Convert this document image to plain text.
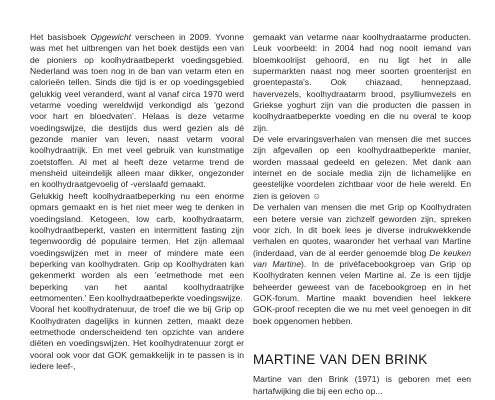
Het basisboek Opgewicht verscheen in 2009. Yvonne was met het uitbrengen van het boek destijds een van de pioniers op koolhydraatbeperkt voedingsgebied. Nederland was toen nog in de ban van vetarm eten en calorieën tellen. Sinds die tijd is er op voedingsgebied gelukkig veel veranderd, want al vanaf circa 1970 werd vetarme voeding wereldwijd verkondigd als 'gezond voor hart en bloedvaten'. Helaas is deze vetarme voedingswijze, die destijds dus werd gezien als dé gezonde manier van leven, naast vetarm vooral koolhydraatrijk. En met veel gebruik van kunstmatige zoetstoffen. Al met al heeft deze vetarme trend de mensheid uiteindelijk alleen maar dikker, ongezonder en koolhydraatgevoelig of -verslaafd gemaakt.

Gelukkig heeft koolhydraatbeperking nu een enorme opmars gemaakt en is het niet meer weg te denken in voedingsland. Ketogeen, low carb, koolhydraatarm, koolhydraatbeperkt, vasten en intermittent fasting zijn tegenwoordig dé populaire termen. Het zijn allemaal voedingswijzen met in meer of mindere mate een beperking van koolhydraten. Grip op Koolhydraten kan gekenmerkt worden als een 'eetmethode met een beperking van het aantal koolhydraatrijke eetmomenten.' Een koolhydraatbeperkte voedingswijze.

Vooral het koolhydratenuur, de troef die we bij Grip op Koolhydraten dagelijks in kunnen zetten, maakt deze eetmethode onderscheidend ten opzichte van andere diëten en voedingswijzen. Het koolhydratenuur zorgt er vooral ook voor dat GOK gemakkelijk in te passen is in iedere leef-,

gemaakt van vetarme naar koolhydraatarme producten. Leuk voorbeeld: in 2004 had nog nooit iemand van bloemkoolrijst gehoord, en nu ligt het in alle supermarkten naast nog meer soorten groenterijst en groentepasta's. Ook chiazaad, hennepzaad, havervezels, koolhydraatarm brood, psylliumvezels en Griekse yoghurt zijn van die producten die passen in koolhydraatbeperkte voeding en die nu overal te koop zijn.

De vele ervaringsverhalen van mensen die met succes zijn afgevallen op een koolhydraatbeperkte manier, worden massaal gedeeld en gelezen. Met dank aan internet en de sociale media zijn de lichamelijke en geestelijke voordelen zichtbaar voor de hele wereld. En zien is geloven ☺

De verhalen van mensen die met Grip op Koolhydraten een betere versie van zichzelf geworden zijn, spreken voor zich. In dit boek lees je diverse indrukwekkende verhalen en quotes, waaronder het verhaal van Martine (inderdaad, van de al eerder genoemde blog De keuken van Martine). In de privéfacebookgroep van Grip op Koolhydraten kennen velen Martine al. Ze is een tijdje beheerder geweest van de facebookgroep en in het GOK-forum. Martine maakt bovendien heel lekkere GOK-proof recepten die we nu met veel genoegen in dit boek opgenomen hebben.

MARTINE VAN DEN BRINK

Martine van den Brink (1971) is geboren met een hartafwijking die bij een echo op...
